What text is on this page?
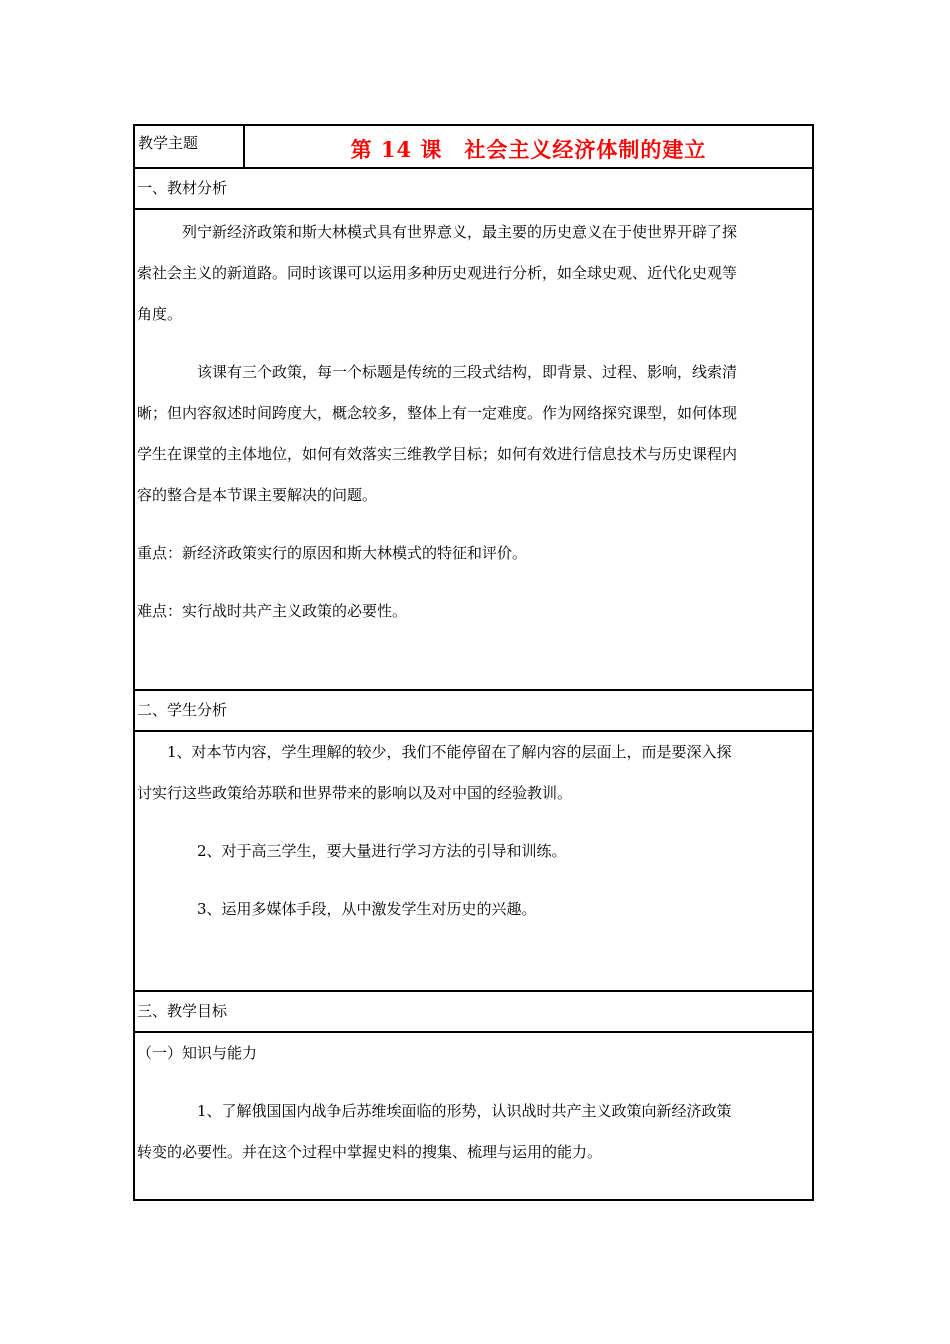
教学主题	第 14 课　社会主义经济体制的建立
一、教材分析

　　　列宁新经济政策和斯大林模式具有世界意义，最主要的历史意义在于使世界开辟了探

索社会主义的新道路。同时该课可以运用多种历史观进行分析，如全球史观、近代化史观等

角度。

　　　　该课有三个政策，每一个标题是传统的三段式结构，即背景、过程、影响，线索清

晰；但内容叙述时间跨度大，概念较多，整体上有一定难度。作为网络探究课型，如何体现

学生在课堂的主体地位，如何有效落实三维教学目标；如何有效进行信息技术与历史课程内

容的整合是本节课主要解决的问题。

重点：新经济政策实行的原因和斯大林模式的特征和评价。

难点：实行战时共产主义政策的必要性。

二、学生分析

　　1、对本节内容，学生理解的较少，我们不能停留在了解内容的层面上，而是要深入探

讨实行这些政策给苏联和世界带来的影响以及对中国的经验教训。

　　　　2、对于高三学生，要大量进行学习方法的引导和训练。

　　　　3、运用多媒体手段，从中激发学生对历史的兴趣。

三、教学目标

（一）知识与能力

　　　　1、了解俄国国内战争后苏维埃面临的形势，认识战时共产主义政策向新经济政策

转变的必要性。并在这个过程中掌握史料的搜集、梳理与运用的能力。
